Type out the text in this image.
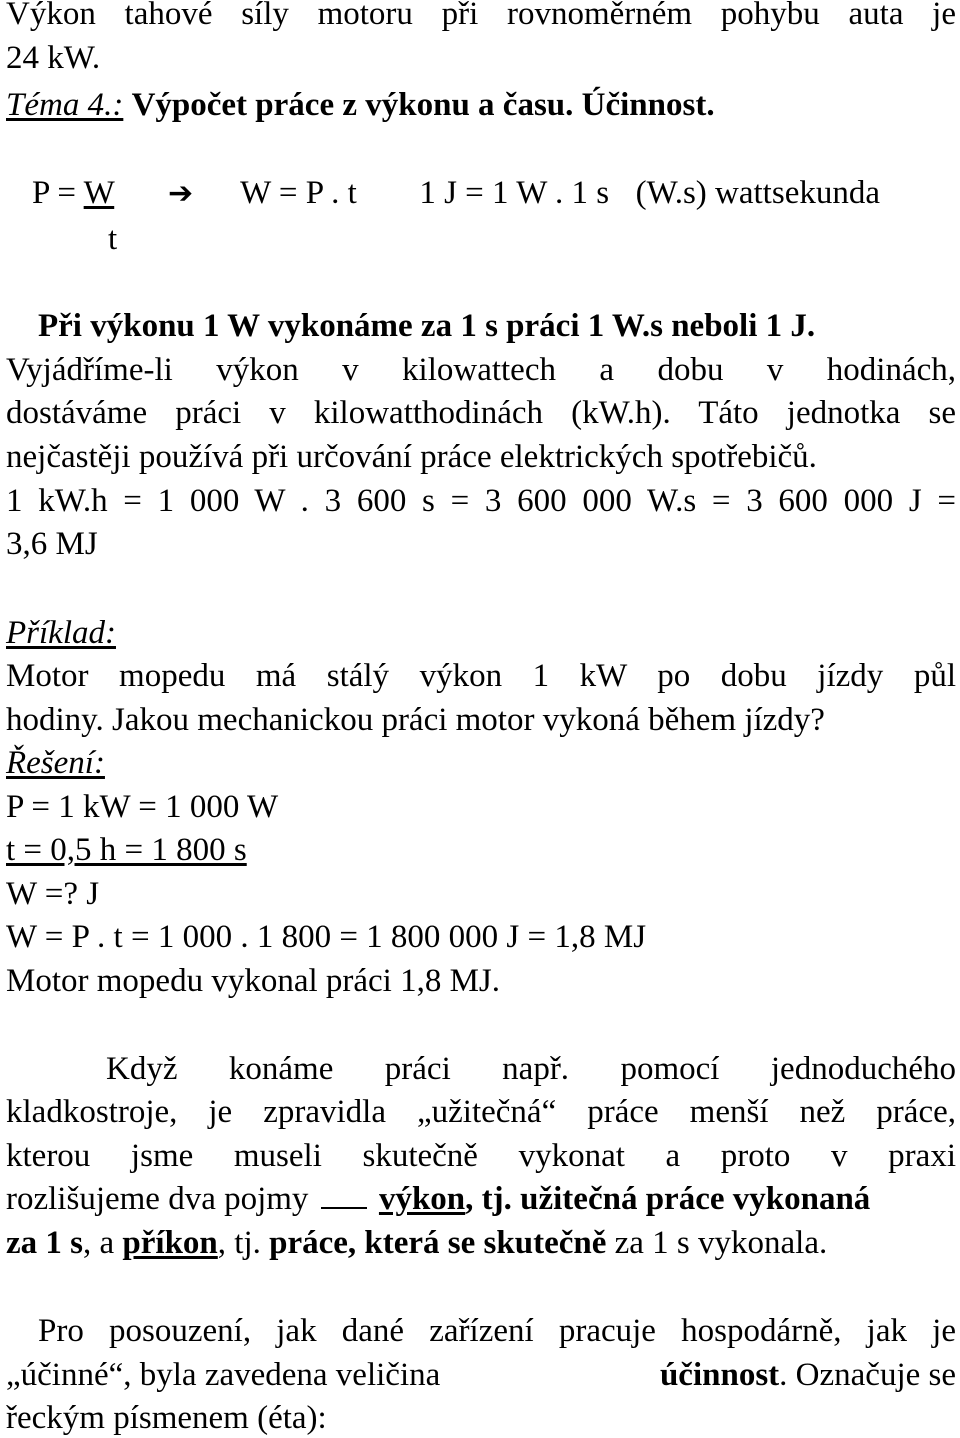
Výkon tahové síly motoru při rovnoměrném pohybu auta je
24 kW.
Téma 4.: Výpočet práce z výkonu a času. Účinnost.
P = W	W = P . t 1 J = 1 W . 1 s (W.s) wattsekunda
➔
t
Při výkonu 1 W vykonáme za 1 s práci 1 W.s neboli 1 J.
Vyjádříme-li výkon v kilowattech a dobu v hodinách,
dostáváme práci v kilowatthodinách (kW.h). Táto jednotka se
nejčastěji používá při určování práce elektrických spotřebičů.
1 kW.h = 1 000 W . 3 600 s = 3 600 000 W.s = 3 600 000 J =
3,6 MJ
Příklad:
Motor mopedu má stálý výkon 1 kW po dobu jízdy půl
hodiny. Jakou mechanickou práci motor vykoná během jízdy?
Řešení:
P = 1 kW = 1 000 W
t = 0,5 h = 1 800 s
W =? J
W = P . t = 1 000 . 1 800 = 1 800 000 J = 1,8 MJ
Motor mopedu vykonal práci 1,8 MJ.
Když konáme práci např. pomocí jednoduchého
kladkostroje, je zpravidla „užitečná“ práce menší než práce,
kterou jsme museli skutečně vykonat a proto v praxi
rozlišujeme dva pojmy výkon, tj. užitečná práce vykonaná
za 1 s, a příkon, tj. práce, která se skutečně za 1 s vykonala.
Pro posouzení, jak dané zařízení pracuje hospodárně, jak je
„účinné“, byla zavedena veličina	účinnost. Označuje se
řeckým písmenem (éta):
